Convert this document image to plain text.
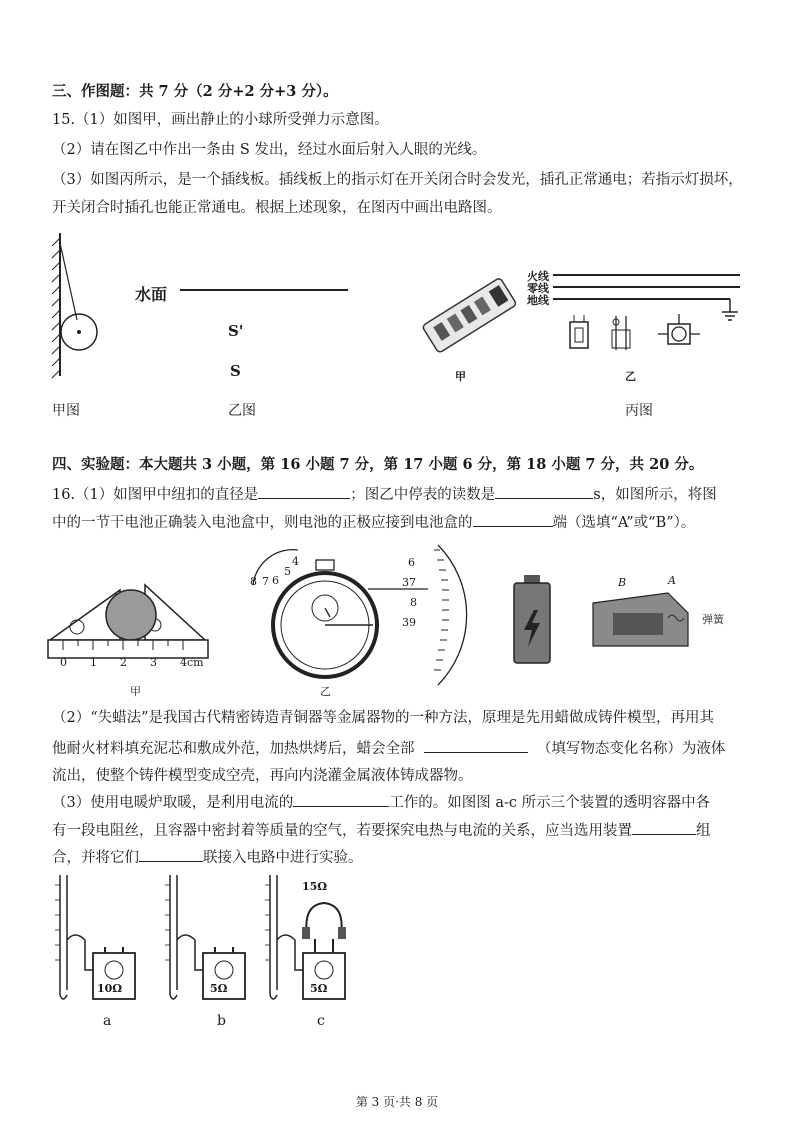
三、作图题：共 7 分（2 分+2 分+3 分）。
15.（1）如图甲，画出静止的小球所受弹力示意图。
（2）请在图乙中作出一条由 S 发出，经过水面后射入人眼的光线。
（3）如图丙所示，是一个插线板。插线板上的指示灯在开关闭合时会发光，插孔正常通电；若指示灯损坏，
开关闭合时插孔也能正常通电。根据上述现象，在图丙中画出电路图。
水面
S'
S
火线
零线
地线
甲	乙
甲图	乙图	丙图
四、实验题：本大题共 3 小题，第 16 小题 7 分，第 17 小题 6 分，第 18 小题 7 分，共 20 分。
16.（1）如图甲中纽扣的直径是	；图乙中停表的读数是	s，如图所示，将图
中的一节干电池正确装入电池盒中，则电池的正极应接到电池盒的	端（选填“A”或“B”）。
0 1 2 3 4cm
甲
8 7 6
5
4	6
37
8
39
乙
B	A
弹簧
（2）“失蜡法”是我国古代精密铸造青铜器等金属器物的一种方法，原理是先用蜡做成铸件模型，再用其
他耐火材料填充泥芯和敷成外范，加热烘烤后，蜡会全部	（填写物态变化名称）为液体
流出，使整个铸件模型变成空壳，再向内浇灌金属液体铸成器物。
（3）使用电暖炉取暖，是利用电流的	工作的。如图图 a-c 所示三个装置的透明容器中各
有一段电阻丝，且容器中密封着等质量的空气，若要探究电热与电流的关系，应当选用装置	组
合，并将它们	联接入电路中进行实验。
10Ω
a
5Ω
b
15Ω
5Ω
c
第 3 页·共 8 页
